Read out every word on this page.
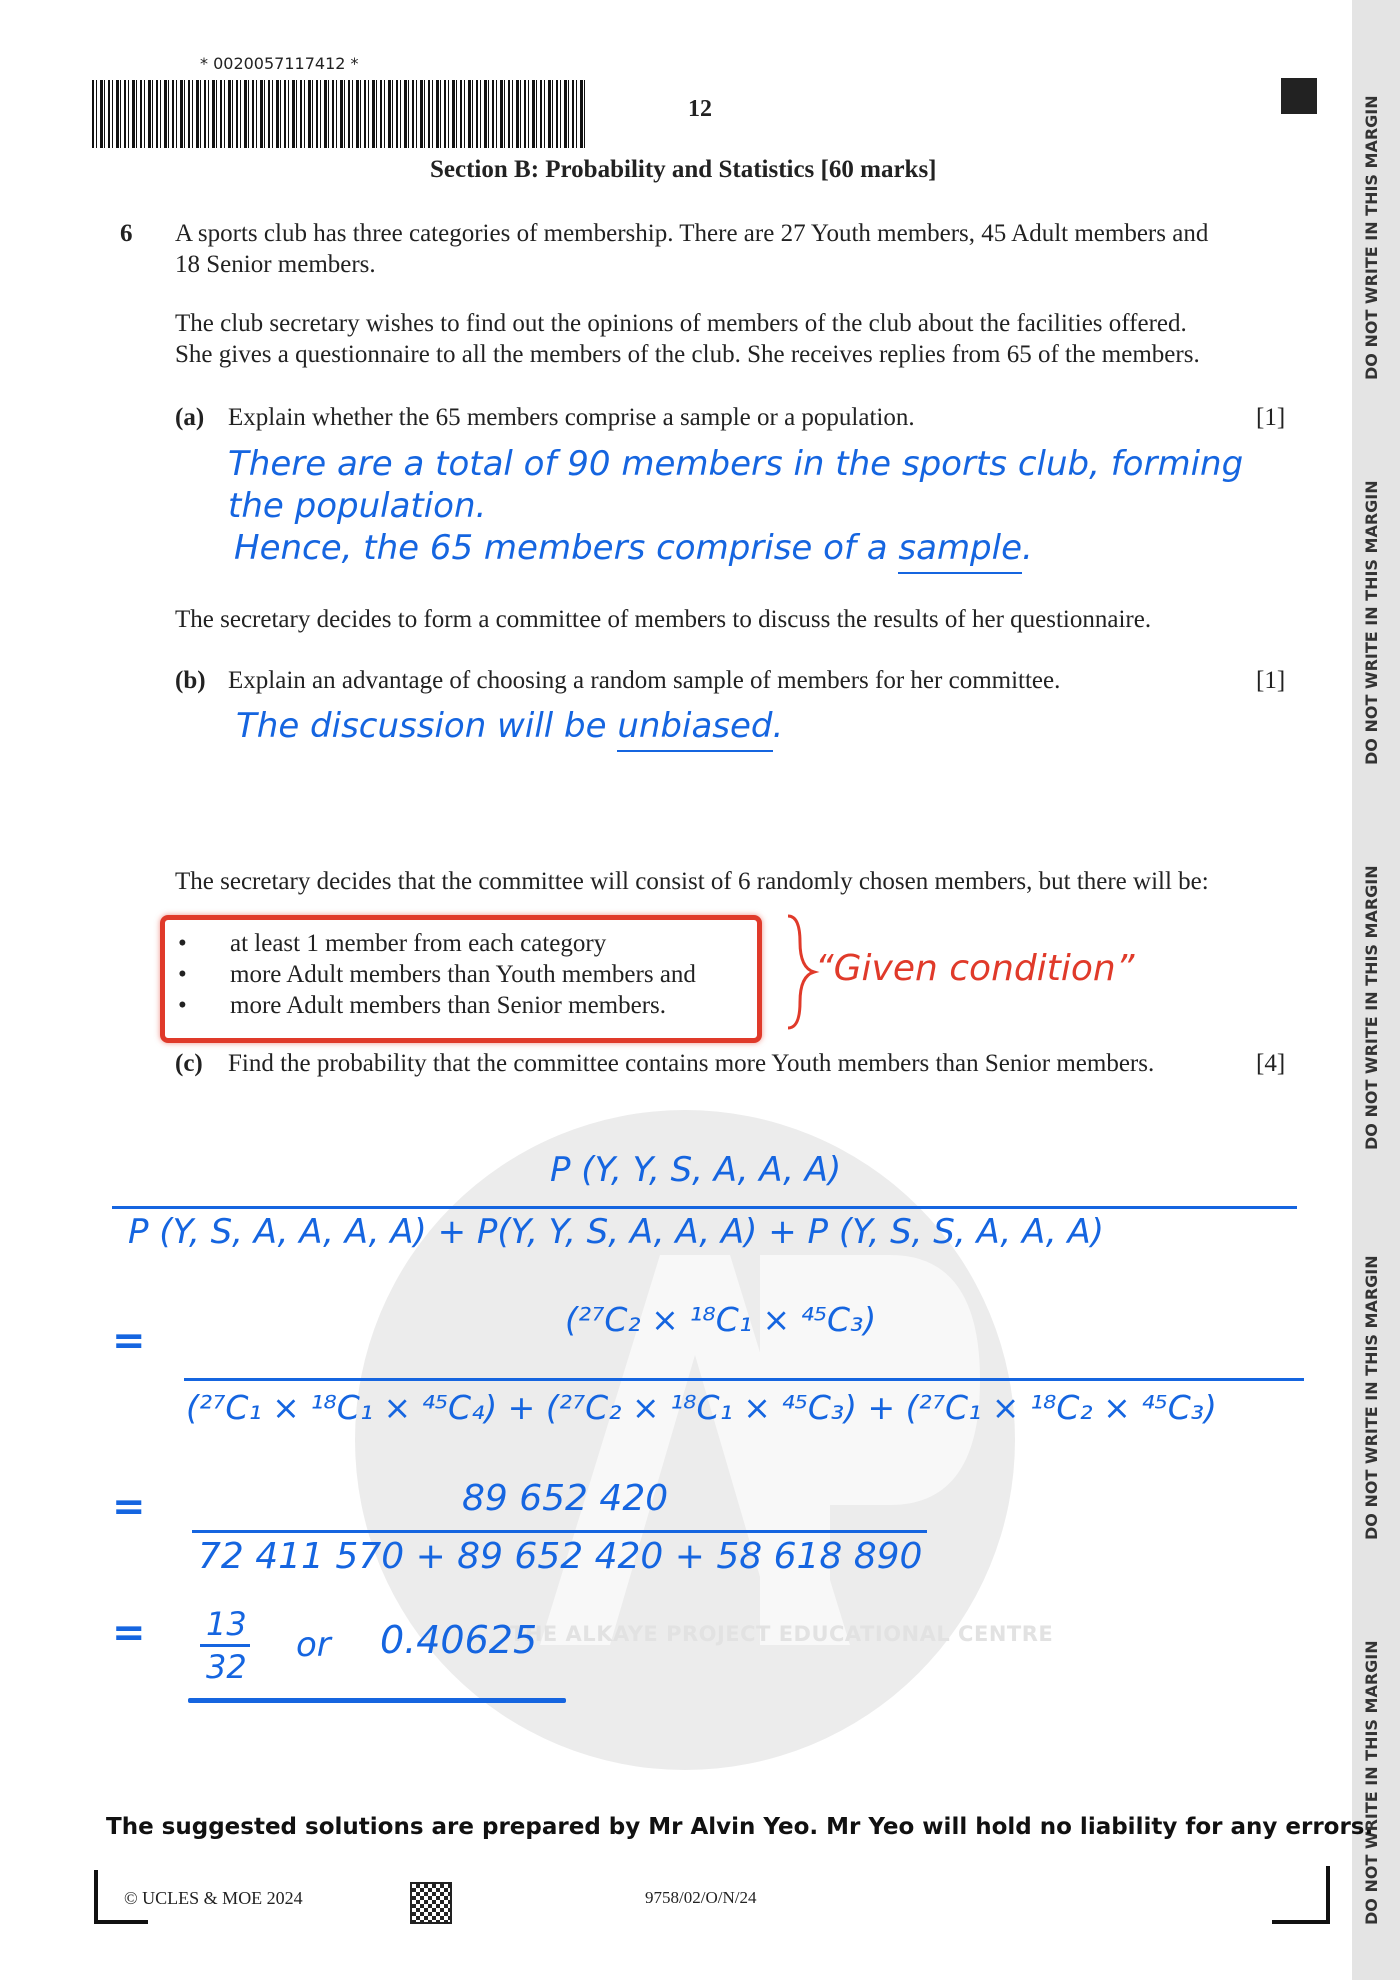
DO NOT WRITE IN THIS MARGIN
DO NOT WRITE IN THIS MARGIN
DO NOT WRITE IN THIS MARGIN
DO NOT WRITE IN THIS MARGIN
DO NOT WRITE IN THIS MARGIN
* 0020057117412 *
12
Section B: Probability and Statistics [60 marks]
6 A sports club has three categories of membership. There are 27 Youth members, 45 Adult members and
18 Senior members.
The club secretary wishes to find out the opinions of members of the club about the facilities offered.
She gives a questionnaire to all the members of the club. She receives replies from 65 of the members.
(a) Explain whether the 65 members comprise a sample or a population.	[1]
There are a total of 90 members in the sports club, forming
the population.
Hence, the 65 members comprise of a sample.
The secretary decides to form a committee of members to discuss the results of her questionnaire.
(b) Explain an advantage of choosing a random sample of members for her committee.	[1]
The discussion will be unbiased.
The secretary decides that the committee will consist of 6 randomly chosen members, but there will be:
• at least 1 member from each category
• more Adult members than Youth members and
• more Adult members than Senior members.
“Given condition”
(c) Find the probability that the committee contains more Youth members than Senior members.	[4]
THE ALKAYE PROJECT EDUCATIONAL CENTRE
P (Y, Y, S, A, A, A)
P (Y, S, A, A, A, A) + P(Y, Y, S, A, A, A) + P (Y, S, S, A, A, A)
=	(²⁷C₂ × ¹⁸C₁ × ⁴⁵C₃)
(²⁷C₁ × ¹⁸C₁ × ⁴⁵C₄) + (²⁷C₂ × ¹⁸C₁ × ⁴⁵C₃) + (²⁷C₁ × ¹⁸C₂ × ⁴⁵C₃)
=	89 652 420
72 411 570 + 89 652 420 + 58 618 890
= 13
32
or 0.40625
The suggested solutions are prepared by Mr Alvin Yeo. Mr Yeo will hold no liability for any errors.
© UCLES & MOE 2024	9758/02/O/N/24
